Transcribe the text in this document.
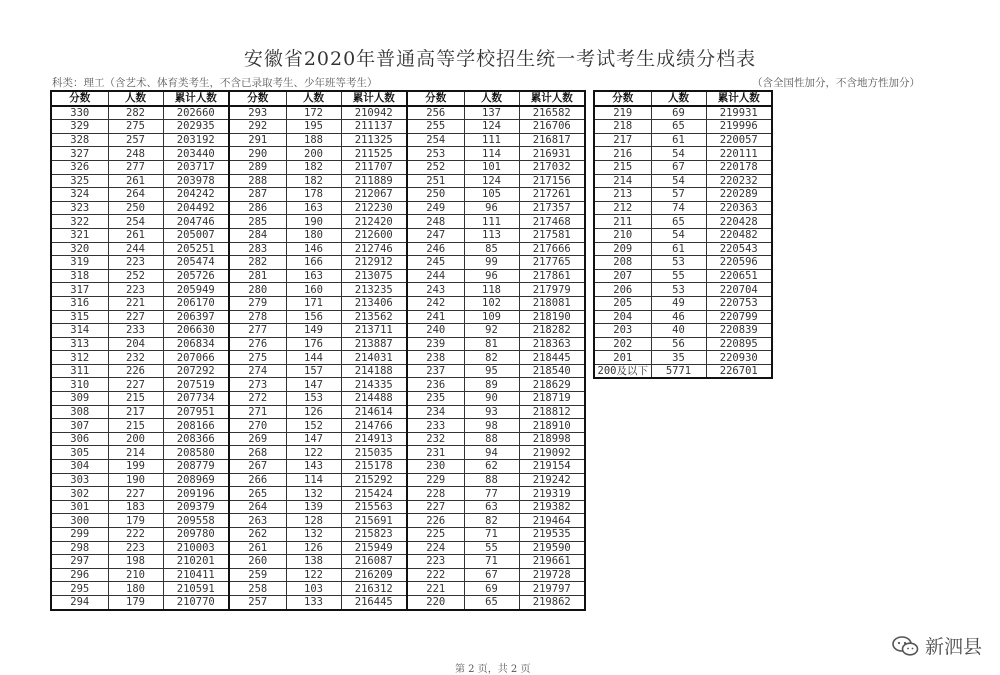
安徽省2020年普通高等学校招生统一考试考生成绩分档表
科类：理工（含艺术、体育类考生，不含已录取考生、少年班等考生）	（含全国性加分，不含地方性加分）
分数	人数	累计人数	分数	人数	累计人数	分数	人数	累计人数
330	282	202660	293	172	210942	256	137	216582
329	275	202935	292	195	211137	255	124	216706
328	257	203192	291	188	211325	254	111	216817
327	248	203440	290	200	211525	253	114	216931
326	277	203717	289	182	211707	252	101	217032
325	261	203978	288	182	211889	251	124	217156
324	264	204242	287	178	212067	250	105	217261
323	250	204492	286	163	212230	249	96	217357
322	254	204746	285	190	212420	248	111	217468
321	261	205007	284	180	212600	247	113	217581
320	244	205251	283	146	212746	246	85	217666
319	223	205474	282	166	212912	245	99	217765
318	252	205726	281	163	213075	244	96	217861
317	223	205949	280	160	213235	243	118	217979
316	221	206170	279	171	213406	242	102	218081
315	227	206397	278	156	213562	241	109	218190
314	233	206630	277	149	213711	240	92	218282
313	204	206834	276	176	213887	239	81	218363
312	232	207066	275	144	214031	238	82	218445
311	226	207292	274	157	214188	237	95	218540
310	227	207519	273	147	214335	236	89	218629
309	215	207734	272	153	214488	235	90	218719
308	217	207951	271	126	214614	234	93	218812
307	215	208166	270	152	214766	233	98	218910
306	200	208366	269	147	214913	232	88	218998
305	214	208580	268	122	215035	231	94	219092
304	199	208779	267	143	215178	230	62	219154
303	190	208969	266	114	215292	229	88	219242
302	227	209196	265	132	215424	228	77	219319
301	183	209379	264	139	215563	227	63	219382
300	179	209558	263	128	215691	226	82	219464
299	222	209780	262	132	215823	225	71	219535
298	223	210003	261	126	215949	224	55	219590
297	198	210201	260	138	216087	223	71	219661
296	210	210411	259	122	216209	222	67	219728
295	180	210591	258	103	216312	221	69	219797
294	179	210770	257	133	216445	220	65	219862
分数	人数	累计人数
219	69	219931
218	65	219996
217	61	220057
216	54	220111
215	67	220178
214	54	220232
213	57	220289
212	74	220363
211	65	220428
210	54	220482
209	61	220543
208	53	220596
207	55	220651
206	53	220704
205	49	220753
204	46	220799
203	40	220839
202	56	220895
201	35	220930
200及以下	5771	226701
第 2 页，共 2 页
新泗县
